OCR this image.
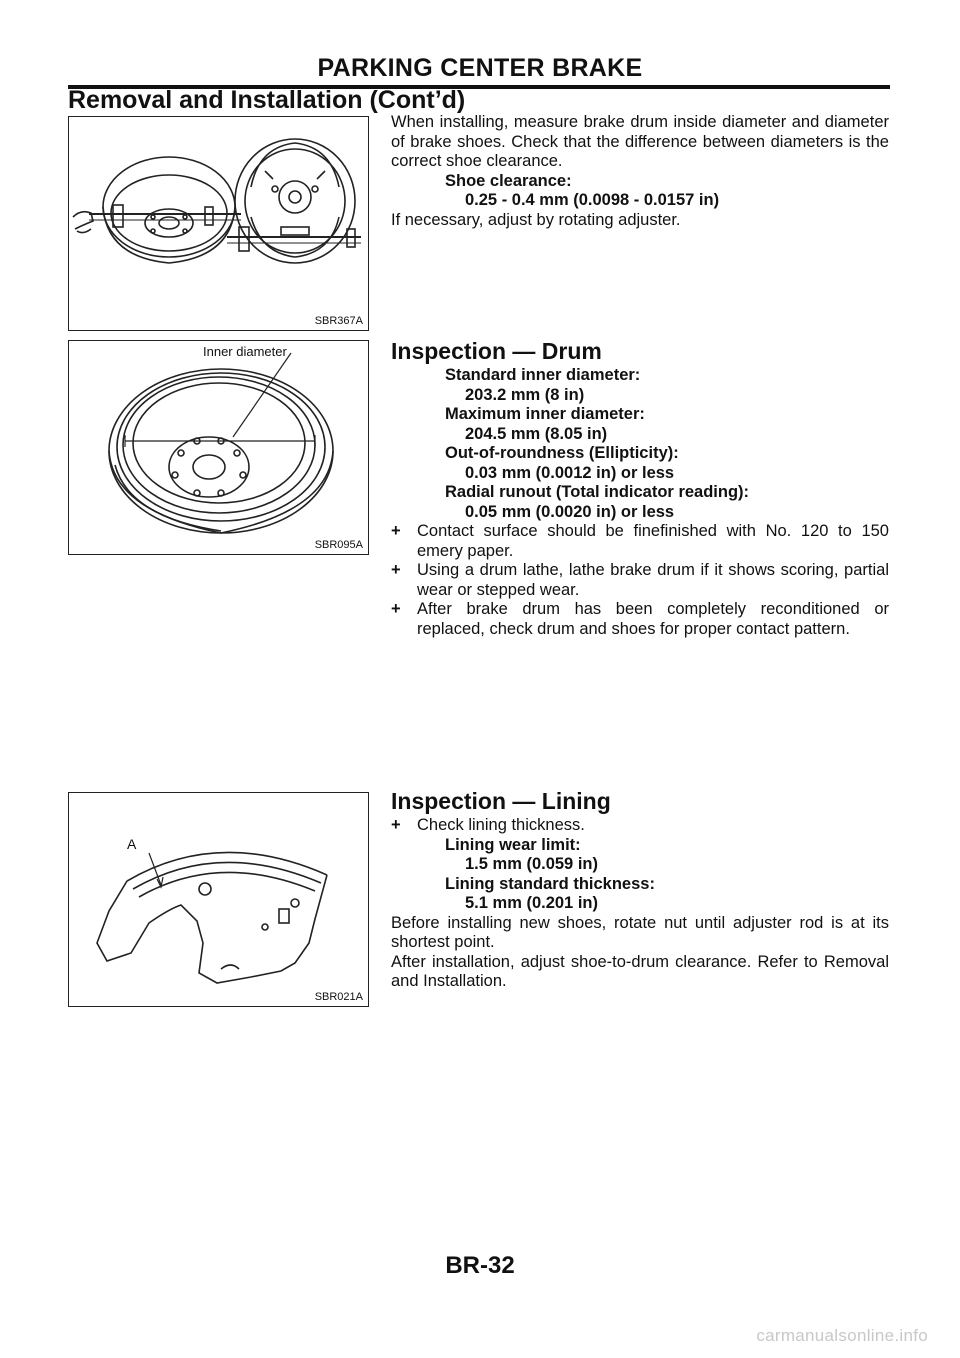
PARKING CENTER BRAKE
Removal and Installation (Cont’d)
SBR367A

When installing, measure brake drum inside diameter and diameter of brake shoes. Check that the difference between diameters is the correct shoe clearance.

Shoe clearance:
0.25 - 0.4 mm (0.0098 - 0.0157 in)

If necessary, adjust by rotating adjuster.

Inner diameter
SBR095A
Inspection — Drum
Standard inner diameter:
203.2 mm (8 in)
Maximum inner diameter:
204.5 mm (8.05 in)
Out-of-roundness (Ellipticity):
0.03 mm (0.0012 in) or less
Radial runout (Total indicator reading):
0.05 mm (0.0020 in) or less
+ Contact surface should be finefinished with No. 120 to 150 emery paper.
+ Using a drum lathe, lathe brake drum if it shows scoring, partial wear or stepped wear.
+ After brake drum has been completely reconditioned or replaced, check drum and shoes for proper contact pattern.
A
SBR021A
Inspection — Lining
+ Check lining thickness.
Lining wear limit:
1.5 mm (0.059 in)
Lining standard thickness:
5.1 mm (0.201 in)

Before installing new shoes, rotate nut until adjuster rod is at its shortest point.

After installation, adjust shoe-to-drum clearance. Refer to Removal and Installation.

BR-32
carmanualsonline.info
